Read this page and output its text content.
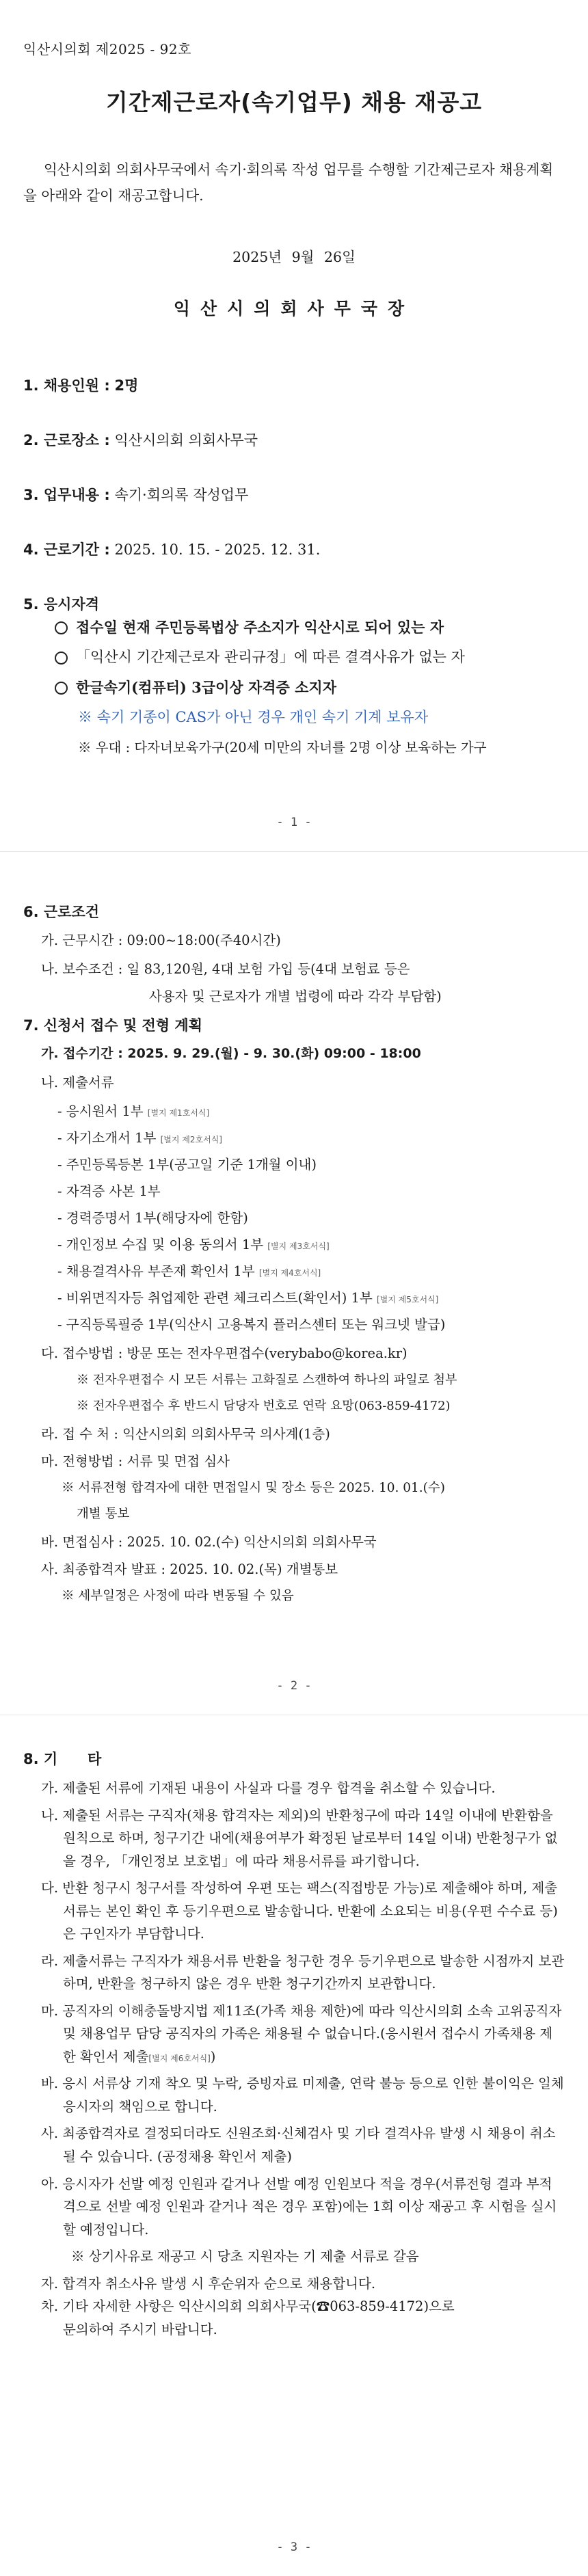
익산시의회 제2025 - 92호
기간제근로자(속기업무) 채용 재공고
익산시의회 의회사무국에서 속기·회의록 작성 업무를 수행할 기간제근로자 채용계획을 아래와 같이 재공고합니다.
2025년 9월 26일
익산시의회사무국장
1. 채용인원 : 2명
2. 근로장소 : 익산시의회 의회사무국
3. 업무내용 : 속기·회의록 작성업무
4. 근로기간 : 2025. 10. 15. - 2025. 12. 31.
5. 응시자격
접수일 현재 주민등록법상 주소지가 익산시로 되어 있는 자
「익산시 기간제근로자 관리규정」에 따른 결격사유가 없는 자
한글속기(컴퓨터) 3급이상 자격증 소지자
※ 속기 기종이 CAS가 아닌 경우 개인 속기 기계 보유자
※ 우대 : 다자녀보육가구(20세 미만의 자녀를 2명 이상 보육하는 가구
- 1 -
6. 근로조건
가. 근무시간 : 09:00~18:00(주40시간)
나. 보수조건 : 일 83,120원, 4대 보험 가입 등(4대 보험료 등은
사용자 및 근로자가 개별 법령에 따라 각각 부담함)
7. 신청서 접수 및 전형 계획
가. 접수기간 : 2025. 9. 29.(월) - 9. 30.(화) 09:00 - 18:00
나. 제출서류
- 응시원서 1부 [별지 제1호서식]
- 자기소개서 1부 [별지 제2호서식]
- 주민등록등본 1부(공고일 기준 1개월 이내)
- 자격증 사본 1부
- 경력증명서 1부(해당자에 한함)
- 개인정보 수집 및 이용 동의서 1부 [별지 제3호서식]
- 채용결격사유 부존재 확인서 1부 [별지 제4호서식]
- 비위면직자등 취업제한 관련 체크리스트(확인서) 1부 [별지 제5호서식]
- 구직등록필증 1부(익산시 고용복지 플러스센터 또는 워크넷 발급)
다. 접수방법 : 방문 또는 전자우편접수(verybabo@korea.kr)
※ 전자우편접수 시 모든 서류는 고화질로 스캔하여 하나의 파일로 첨부
※ 전자우편접수 후 반드시 담당자 번호로 연락 요망(063-859-4172)
라. 접 수 처 : 익산시의회 의회사무국 의사계(1층)
마. 전형방법 : 서류 및 면접 심사
※ 서류전형 합격자에 대한 면접일시 및 장소 등은 2025. 10. 01.(수)
개별 통보
바. 면접심사 : 2025. 10. 02.(수) 익산시의회 의회사무국
사. 최종합격자 발표 : 2025. 10. 02.(목) 개별통보
※ 세부일정은 사정에 따라 변동될 수 있음
- 2 -
8. 기      타
가. 제출된 서류에 기재된 내용이 사실과 다를 경우 합격을 취소할 수 있습니다.
나. 제출된 서류는 구직자(채용 합격자는 제외)의 반환청구에 따라 14일 이내에 반환함을 원칙으로 하며, 청구기간 내에(채용여부가 확정된 날로부터 14일 이내) 반환청구가 없을 경우, 「개인정보 보호법」에 따라 채용서류를 파기합니다.
다. 반환 청구시 청구서를 작성하여 우편 또는 팩스(직접방문 가능)로 제출해야 하며, 제출서류는 본인 확인 후 등기우편으로 발송합니다. 반환에 소요되는 비용(우편 수수료 등)은 구인자가 부담합니다.
라. 제출서류는 구직자가 채용서류 반환을 청구한 경우 등기우편으로 발송한 시점까지 보관하며, 반환을 청구하지 않은 경우 반환 청구기간까지 보관합니다.
마. 공직자의 이해충돌방지법 제11조(가족 채용 제한)에 따라 익산시의회 소속 고위공직자 및 채용업무 담당 공직자의 가족은 채용될 수 없습니다.(응시원서 접수시 가족채용 제한 확인서 제출[별지 제6호서식])
바. 응시 서류상 기재 착오 및 누락, 증빙자료 미제출, 연락 불능 등으로 인한 불이익은 일체 응시자의 책임으로 합니다.
사. 최종합격자로 결정되더라도 신원조회·신체검사 및 기타 결격사유 발생 시 채용이 취소될 수 있습니다. (공정채용 확인서 제출)
아. 응시자가 선발 예정 인원과 같거나 선발 예정 인원보다 적을 경우(서류전형 결과 부적격으로 선발 예정 인원과 같거나 적은 경우 포함)에는 1회 이상 재공고 후 시험을 실시할 예정입니다.
※ 상기사유로 재공고 시 당초 지원자는 기 제출 서류로 갈음
자. 합격자 취소사유 발생 시 후순위자 순으로 채용합니다.
차. 기타 자세한 사항은 익산시의회 의회사무국(☎063-859-4172)으로
문의하여 주시기 바랍니다.
- 3 -
